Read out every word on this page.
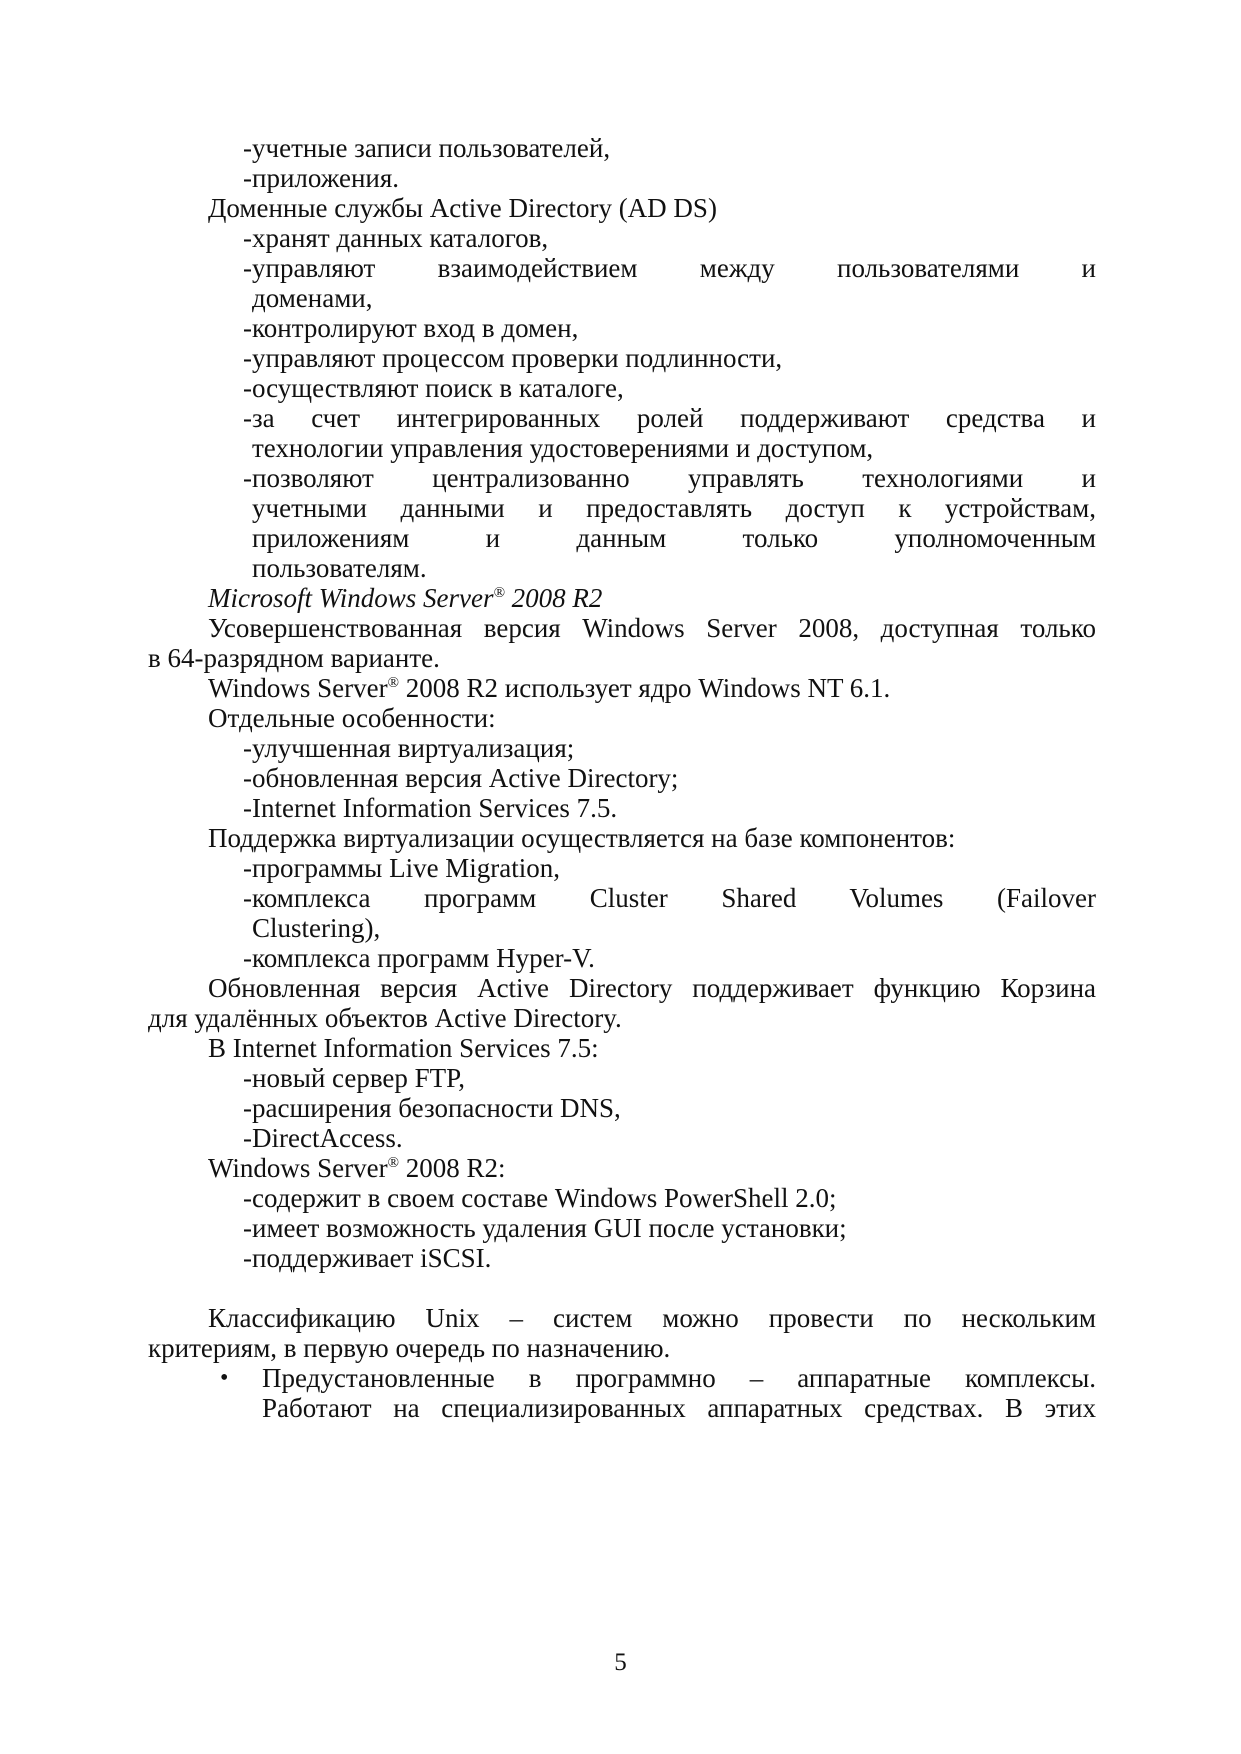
- учетные записи пользователей,
- приложения.
Доменные службы Active Directory (AD DS)
- хранят данных каталогов,
- управляют взаимодействием между пользователями и
доменами,
- контролируют вход в домен,
- управляют процессом проверки подлинности,
- осуществляют поиск в каталоге,
- за счет интегрированных ролей поддерживают средства и
технологии управления удостоверениями и доступом,
- позволяют централизованно управлять технологиями и
учетными данными и предоставлять доступ к устройствам,
приложениям и данным только уполномоченным
пользователям.
Microsoft Windows Server® 2008 R2
Усовершенствованная версия Windows Server 2008, доступная только
в 64-разрядном варианте.
Windows Server® 2008 R2 использует ядро Windows NT 6.1.
Отдельные особенности:
- улучшенная виртуализация;
- обновленная версия Active Directory;
- Internet Information Services 7.5.
Поддержка виртуализации осуществляется на базе компонентов:
- программы Live Migration,
- комплекса программ Cluster Shared Volumes (Failover
Clustering),
- комплекса программ Hyper-V.
Обновленная версия Active Directory поддерживает функцию Корзина
для удалённых объектов Active Directory.
В Internet Information Services 7.5:
- новый сервер FTP,
- расширения безопасности DNS,
- DirectAccess.
Windows Server® 2008 R2:
- содержит в своем составе Windows PowerShell 2.0;
- имеет возможность удаления GUI после установки;
- поддерживает iSCSI.
Классификацию Unix – систем можно провести по нескольким
критериям, в первую очередь по назначению.
•	Предустановленные в программно – аппаратные комплексы.
Работают на специализированных аппаратных средствах. В этих
5
